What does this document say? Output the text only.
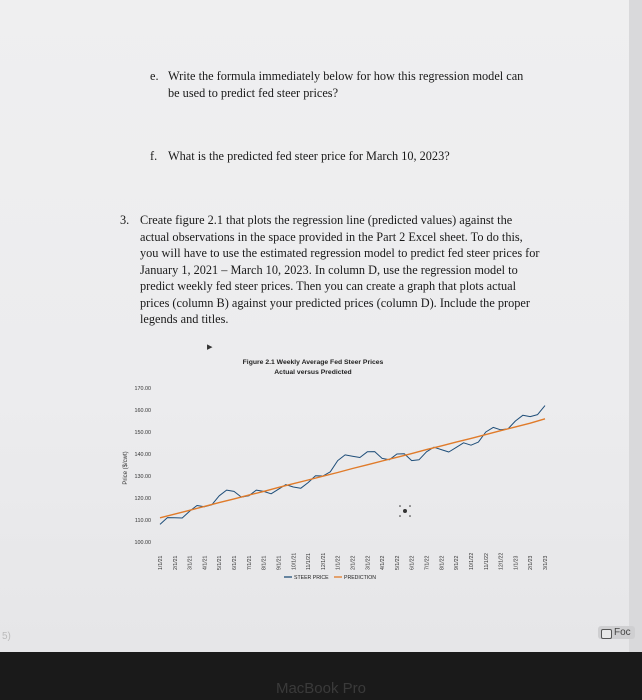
e. Write the formula immediately below for how this regression model can
be used to predict fed steer prices?
f. What is the predicted fed steer price for March 10, 2023?
3. Create figure 2.1 that plots the regression line (predicted values) against the
actual observations in the space provided in the Part 2 Excel sheet. To do this,
you will have to use the estimated regression model to predict fed steer prices for
January 1, 2021 – March 10, 2023. In column D, use the regression model to
predict weekly fed steer prices. Then you can create a graph that plots actual
prices (column B) against your predicted prices (column D). Include the proper
legends and titles.
▸
Figure 2.1 Weekly Average Fed Steer Prices
Actual versus Predicted
Price ($/cwt)
170.00
160.00
150.00
140.00
130.00
120.00
110.00
100.00
1/1/21 2/1/21 3/1/21 4/1/21 5/1/21 6/1/21 7/1/21 8/1/21 9/1/21 10/1/21 11/1/21 12/1/21 1/1/22 2/1/22 3/1/22 4/1/22 5/1/22 6/1/22 7/1/22 8/1/22 9/1/22 10/1/22 11/1/22 12/1/22 1/1/23 2/1/23 3/1/23
STEER PRICE	PREDICTION
MacBook Pro
5)	Foc
